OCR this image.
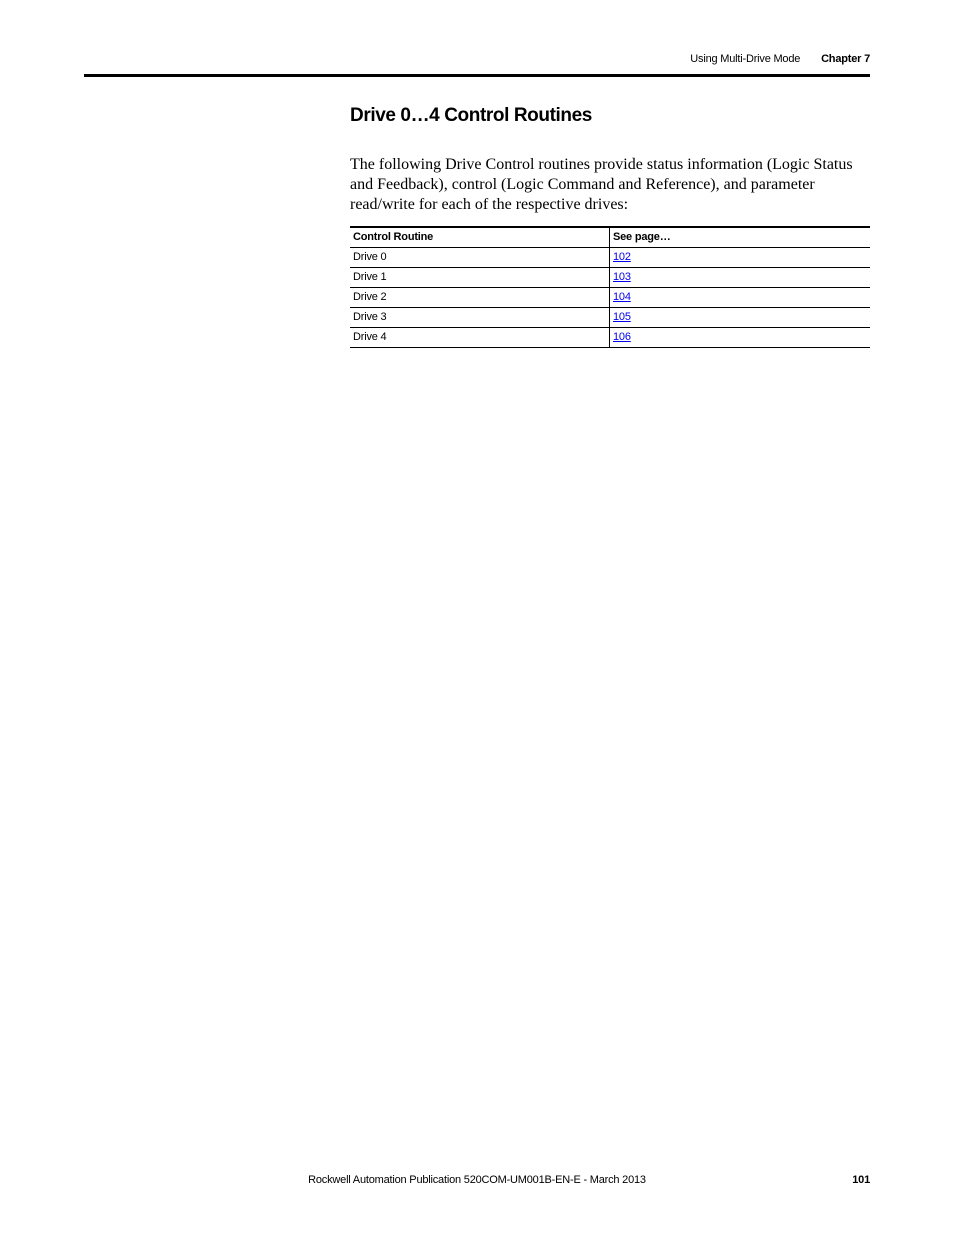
Using Multi-Drive Mode Chapter 7
Drive 0…4 Control Routines

The following Drive Control routines provide status information (Logic Status and Feedback), control (Logic Command and Reference), and parameter read/write for each of the respective drives:

Control Routine	See page…
Drive 0	102
Drive 1	103
Drive 2	104
Drive 3	105
Drive 4	106
Rockwell Automation Publication 520COM-UM001B-EN-E - March 2013	101
